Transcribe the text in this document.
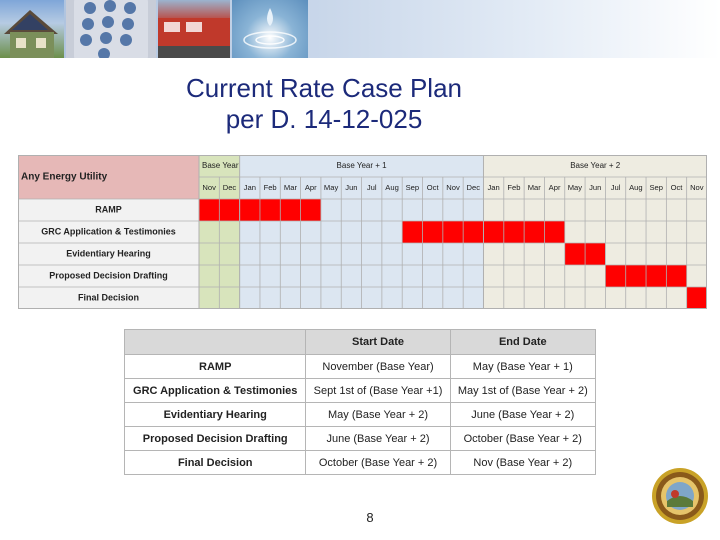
Current Rate Case Plan
per D. 14-12-025
Any Energy Utility
RAMP
GRC Application & Testimonies
Evidentiary Hearing
Proposed Decision Drafting
Final Decision
Base Year
Nov Dec
Base Year + 1
Jan Feb Mar Apr May Jun Jul Aug Sep Oct Nov Dec
Base Year + 2
Jan Feb Mar Apr May Jun Jul Aug Sep Oct Nov
	Start Date	End Date
RAMP	November (Base Year)	May (Base Year + 1)
GRC Application & Testimonies	Sept 1st of (Base Year +1)	May 1st of (Base Year + 2)
Evidentiary Hearing	May (Base Year + 2)	June (Base Year + 2)
Proposed Decision Drafting	June (Base Year + 2)	October (Base Year + 2)
Final Decision	October (Base Year + 2)	Nov (Base Year + 2)
8
